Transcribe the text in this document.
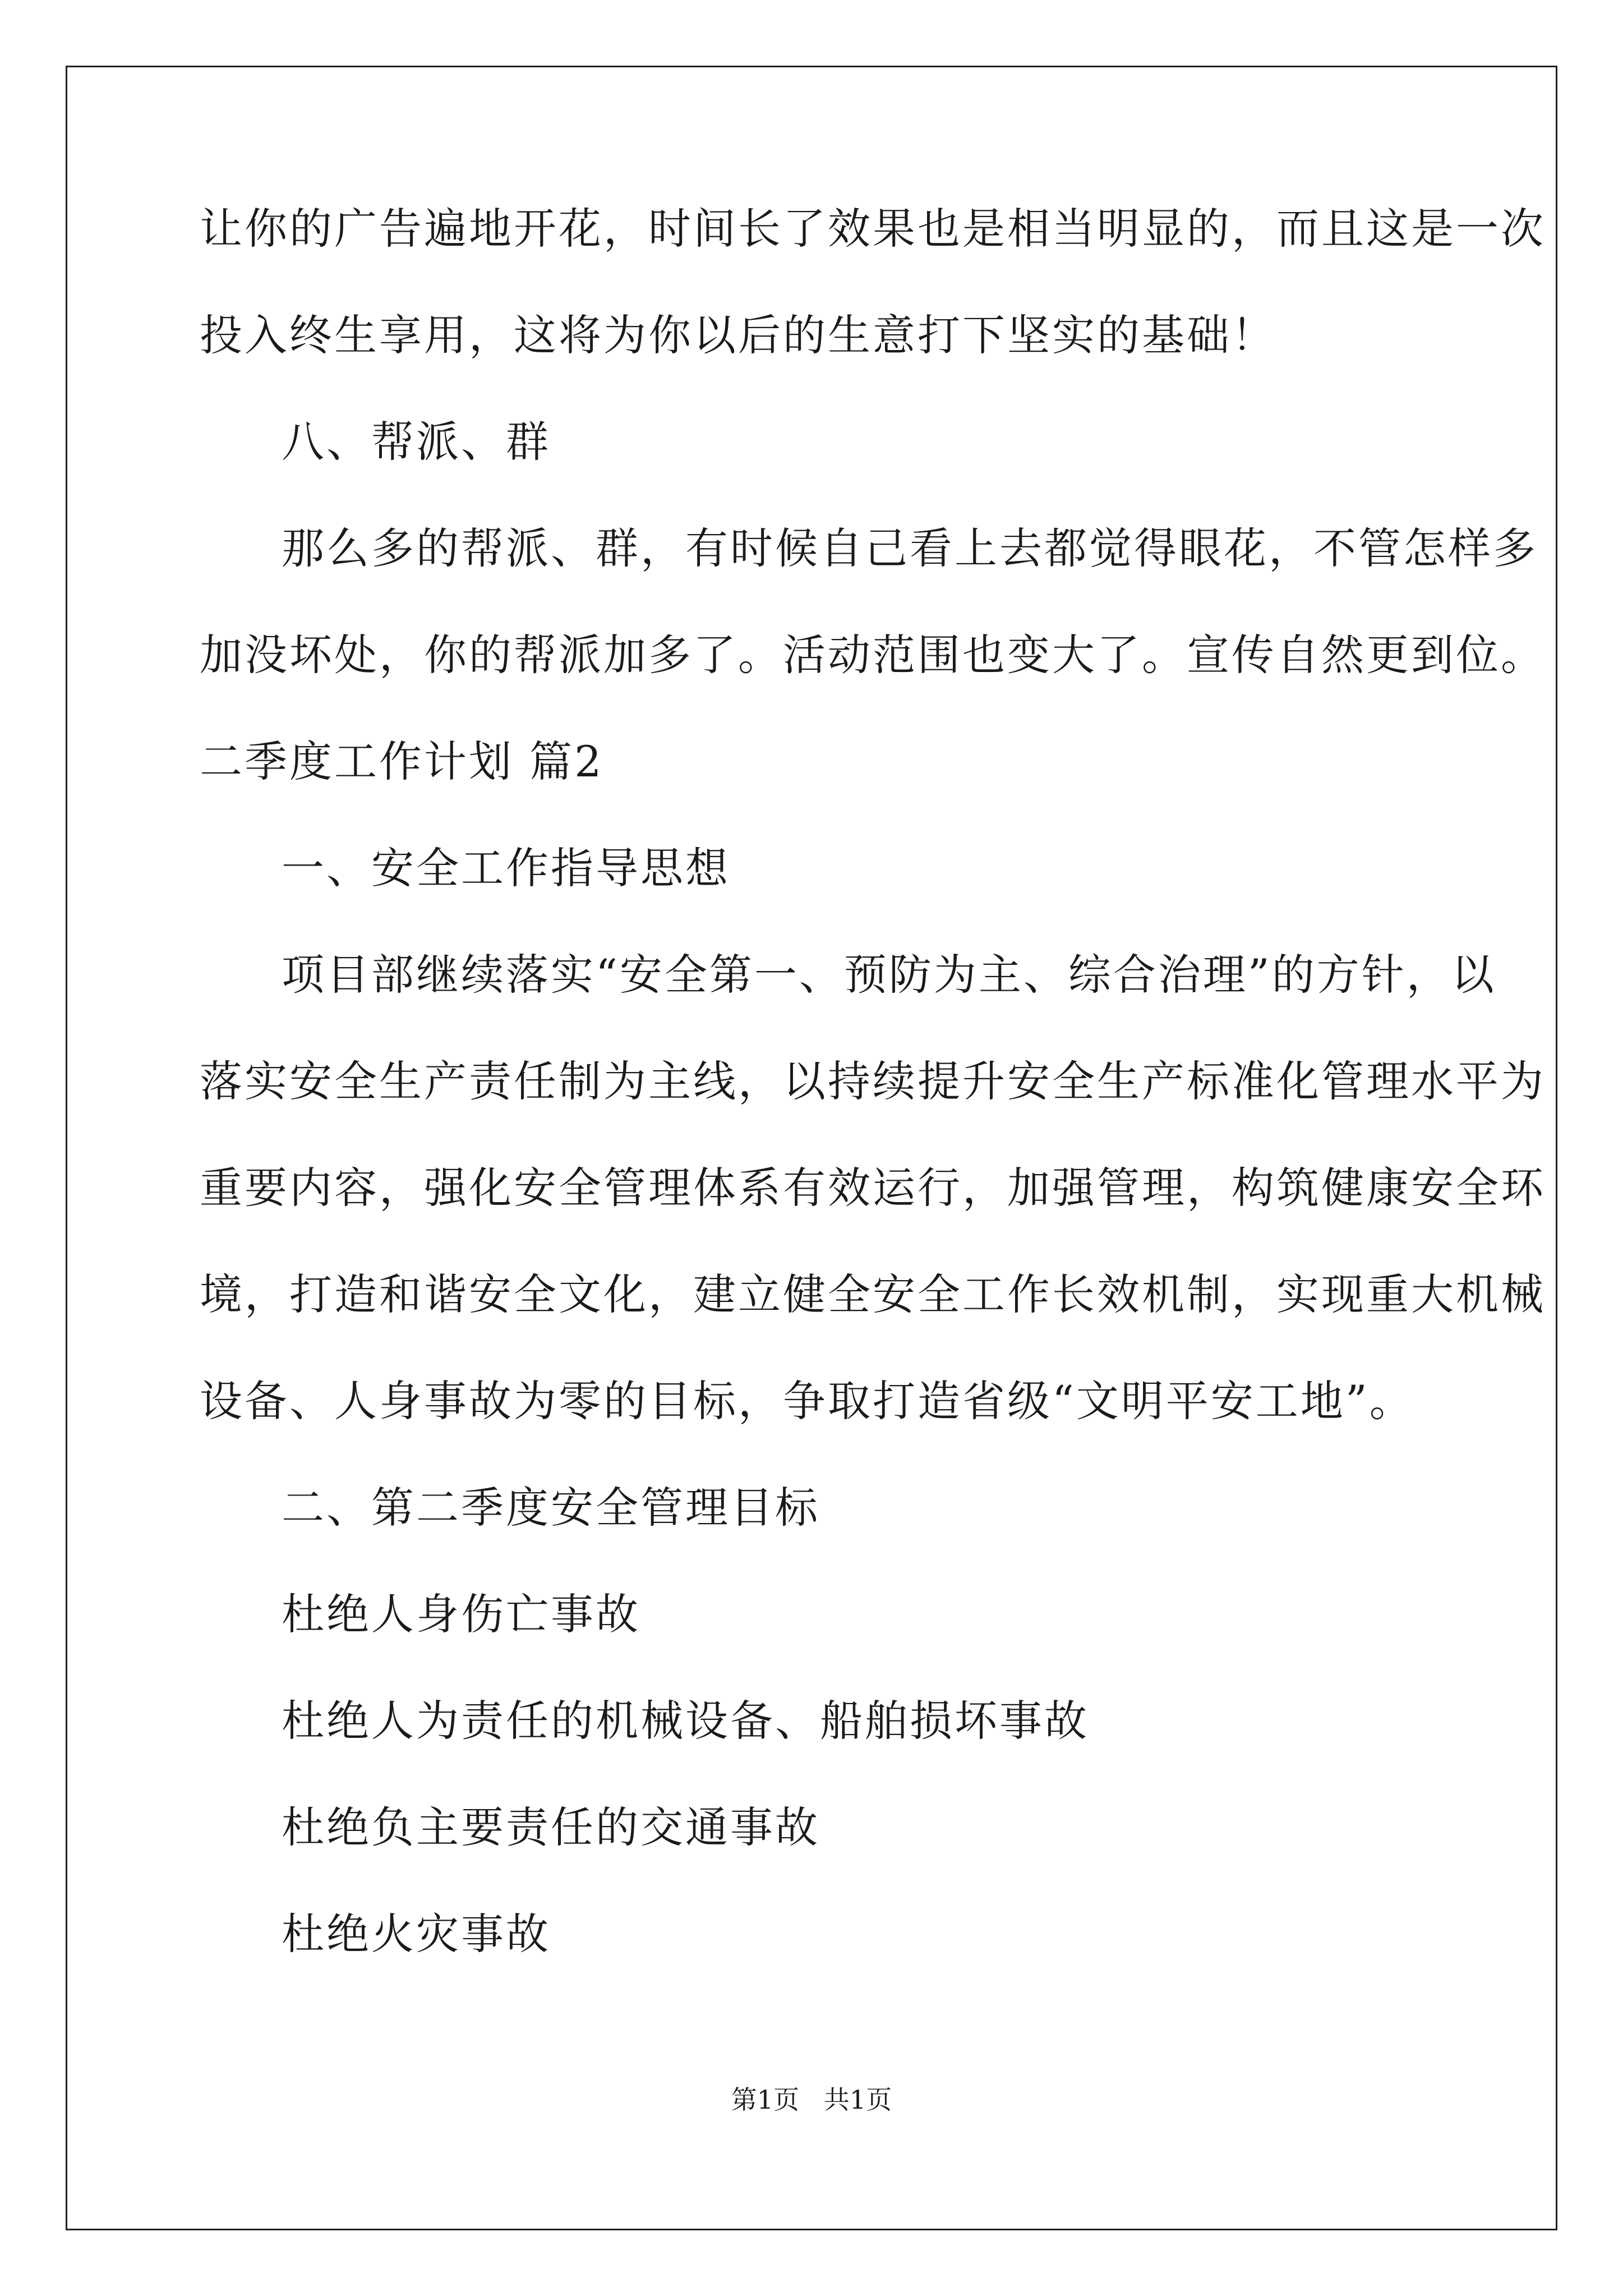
让你的广告遍地开花，时间长了效果也是相当明显的，而且这是一次
投入终生享用，这将为你以后的生意打下坚实的基础！
八、帮派、群
那么多的帮派、群，有时候自己看上去都觉得眼花，不管怎样多
加没坏处，你的帮派加多了。活动范围也变大了。宣传自然更到位。
二季度工作计划 篇2
一、安全工作指导思想
项目部继续落实“安全第一、预防为主、综合治理”的方针，以
落实安全生产责任制为主线，以持续提升安全生产标准化管理水平为
重要内容，强化安全管理体系有效运行，加强管理，构筑健康安全环
境，打造和谐安全文化，建立健全安全工作长效机制，实现重大机械
设备、人身事故为零的目标，争取打造省级“文明平安工地”。
二、第二季度安全管理目标
杜绝人身伤亡事故
杜绝人为责任的机械设备、船舶损坏事故
杜绝负主要责任的交通事故
杜绝火灾事故
第1页   共1页
